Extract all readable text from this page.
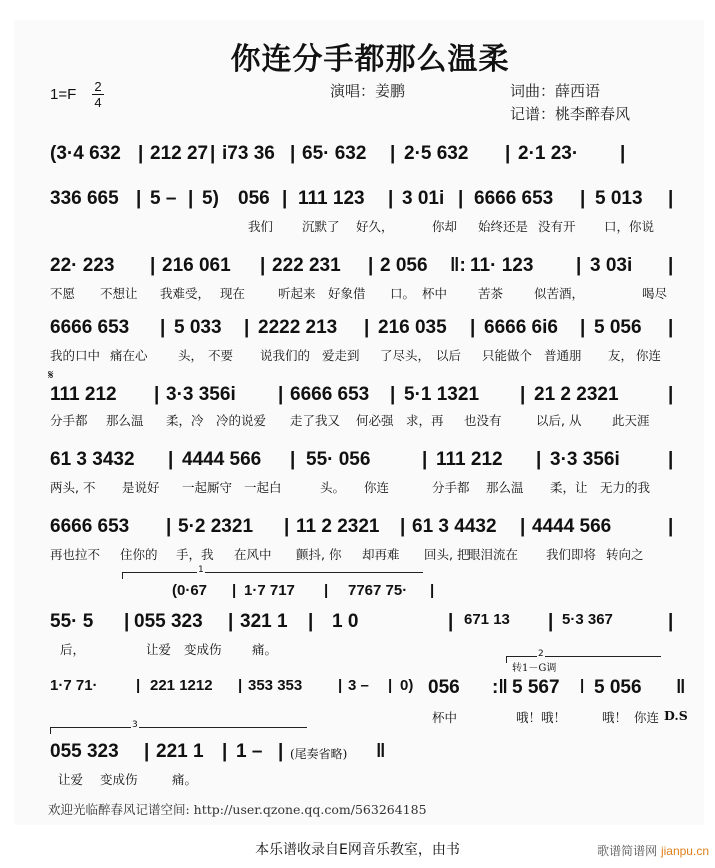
你连分手都那么温柔
1=F 2
4
演唱：姜鹏	词曲：薛西语
记谱：桃李醉春风
(3·4 632 | 212 27 | i73 36 | 65· 632 | 2·5 632 | 2·1 23· |
336 665 | 5 – | 5) 056 | 111 123 | 3 01i | 6666 653 | 5 013 |
我们 沉默了 好久，	你却 始终还是 没有开 口，你说
22· 223 | 216 061 | 222 231 | 2 056 ‖: 11· 123 | 3 03i |
不愿 不想让 我难受， 现在	听起来 好象借 口。 杯中 苦茶 似苦酒，	喝尽
6666 653 | 5 033 | 2222 213 | 216 035 | 6666 6i6 | 5 056 |
我的口中 痛在心 头， 不要 说我们的 爱走到 了尽头， 以后 只能做个 普通朋 友， 你连
𝄋
111 212 | 3·3 356i | 6666 653 | 5·1 1321 | 21 2 2321	|
分手都 那么温 柔，冷 冷的说爱 走了我又 何必强 求，再 也没有	以后, 从 此天涯
61 3 3432 | 4444 566 | 55· 056	| 111 212 | 3·3 356i	|
两头, 不 是说好 一起厮守 一起白	头。 你连	分手都 那么温 柔，让 无力的我
6666 653 | 5·2 2321 | 11 2 2321 | 61 3 4432 | 4444 566	|
再也拉不 住你的 手，我 在风中 颤抖, 你 却再难 回头, 把
眼泪流在 我们即将 转向之
1
(0·67 | 1·7 717 | 7767 75· |
55· 5 | 055 323 | 321 1 | 1 0	| 671 13 | 5·3 367	|
后，	让爱 变成伤 痛。	2
转1－G调
1·7 71·	| 221 1212 | 353 353 | 3 – | 0) 056 :‖ 5 567 | 5 056 ‖
杯中	哦！哦！	哦！ 你连 D.S
3
055 323 | 221 1 | 1 – | (尾奏省略) ‖
让爱 变成伤	痛。
欢迎光临醉春风记谱空间: http://user.qzone.qq.com/563264185
本乐谱收录自E网音乐教室，由书	歌谱简谱网 jianpu.cn
